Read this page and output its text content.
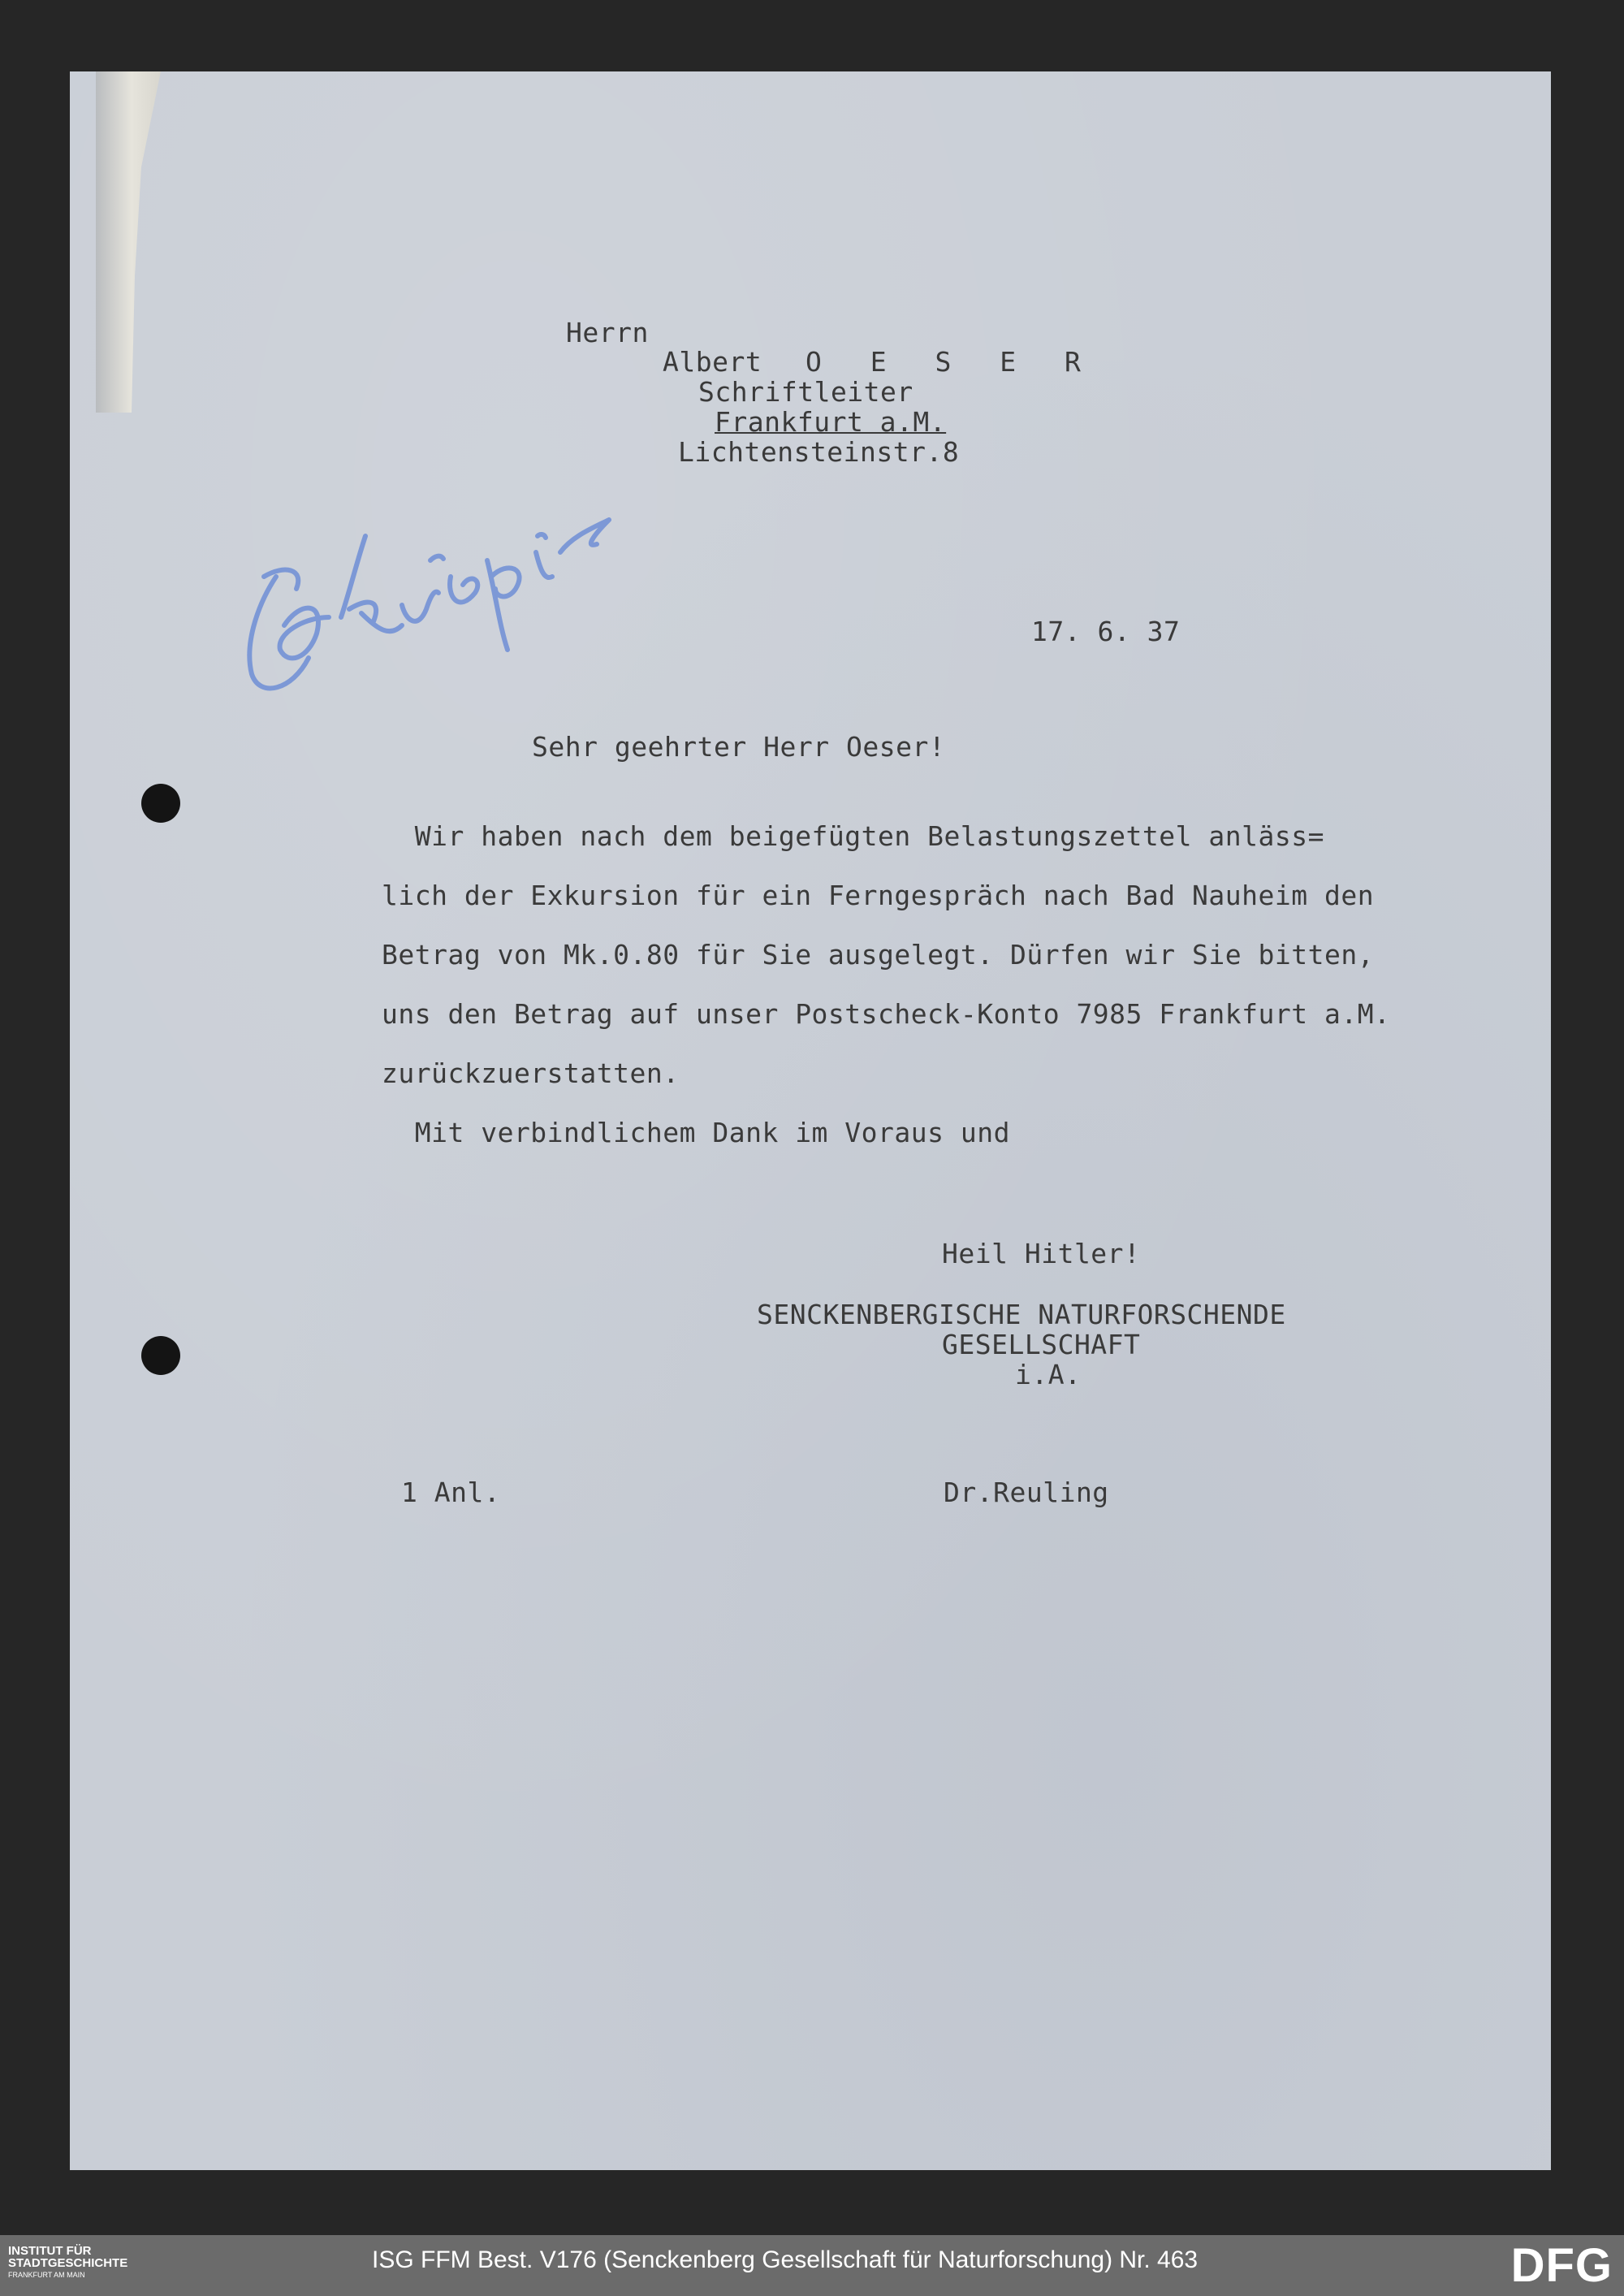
Herrn
Albert O E S E R
Schriftleiter
Frankfurt a.M.
Lichtensteinstr.8
17. 6. 37
Sehr geehrter Herr Oeser!
Wir haben nach dem beigefügten Belastungszettel anläss=
lich der Exkursion für ein Ferngespräch nach Bad Nauheim den
Betrag von Mk.0.80 für Sie ausgelegt. Dürfen wir Sie bitten,
uns den Betrag auf unser Postscheck-Konto 7985 Frankfurt a.M.
zurückzuerstatten.
Mit verbindlichem Dank im Voraus und
Heil Hitler!
SENCKENBERGISCHE NATURFORSCHENDE
GESELLSCHAFT
i.A.
1 Anl.	Dr.Reuling
INSTITUT FÜR
STADTGESCHICHTE
FRANKFURT AM MAIN
ISG FFM Best. V176 (Senckenberg Gesellschaft für Naturforschung) Nr. 463	DFG
